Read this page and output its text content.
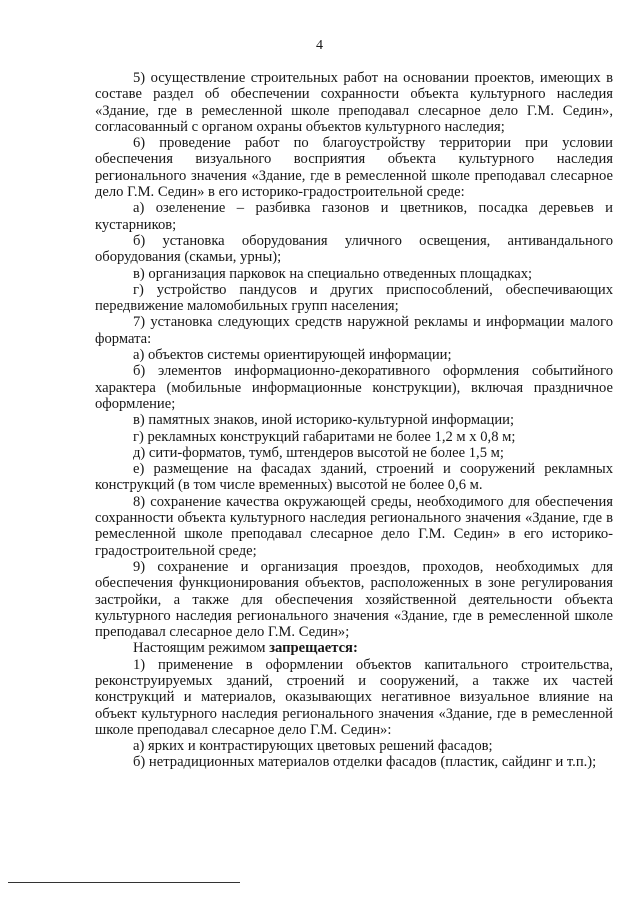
4

5) осуществление строительных работ на основании проектов, имеющих в составе раздел об обеспечении сохранности объекта культурного наследия «Здание, где в ремесленной школе преподавал слесарное дело Г.М. Седин», согласованный с органом охраны объектов культурного наследия;

6) проведение работ по благоустройству территории при условии обеспечения визуального восприятия объекта культурного наследия регионального значения «Здание, где в ремесленной школе преподавал слесарное дело Г.М. Седин» в его историко-градостроительной среде:

а) озеленение – разбивка газонов и цветников, посадка деревьев и кустарников;

б) установка оборудования уличного освещения, антивандального оборудования (скамьи, урны);

в) организация парковок на специально отведенных площадках;

г) устройство пандусов и других приспособлений, обеспечивающих передвижение маломобильных групп населения;

7) установка следующих средств наружной рекламы и информации малого формата:

а) объектов системы ориентирующей информации;

б) элементов информационно-декоративного оформления событийного характера (мобильные информационные конструкции), включая праздничное оформление;

в) памятных знаков, иной историко-культурной информации;

г) рекламных конструкций габаритами не более 1,2 м х 0,8 м;

д) сити-форматов, тумб, штендеров высотой не более 1,5 м;

е) размещение на фасадах зданий, строений и сооружений рекламных конструкций (в том числе временных) высотой не более 0,6 м.

8) сохранение качества окружающей среды, необходимого для обеспечения сохранности объекта культурного наследия регионального значения «Здание, где в ремесленной школе преподавал слесарное дело Г.М. Седин» в его историко-градостроительной среде;

9) сохранение и организация проездов, проходов, необходимых для обеспечения функционирования объектов, расположенных в зоне регулирования застройки, а также для обеспечения хозяйственной деятельности объекта культурного наследия регионального значения «Здание, где в ремесленной школе преподавал слесарное дело Г.М. Седин»;

Настоящим режимом запрещается:

1) применение в оформлении объектов капитального строительства, реконструируемых зданий, строений и сооружений, а также их частей конструкций и материалов, оказывающих негативное визуальное влияние на объект культурного наследия регионального значения «Здание, где в ремесленной школе преподавал слесарное дело Г.М. Седин»:

а) ярких и контрастирующих цветовых решений фасадов;

б) нетрадиционных материалов отделки фасадов (пластик, сайдинг и т.п.);
